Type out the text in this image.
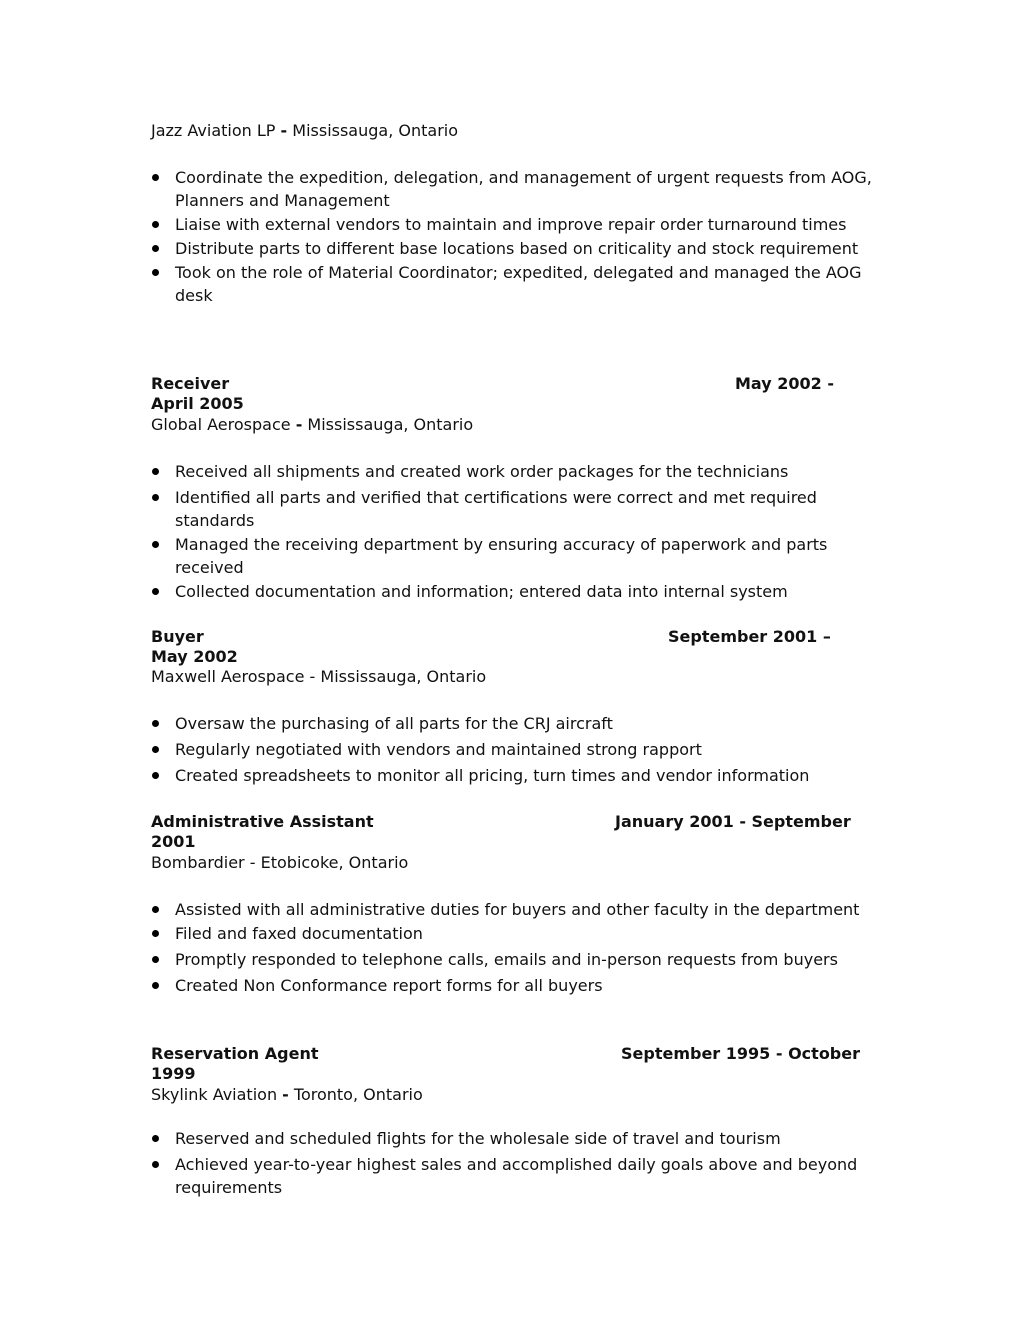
Jazz Aviation LP - Mississauga, Ontario
Coordinate the expedition, delegation, and management of urgent requests from AOG, Planners and Management
Liaise with external vendors to maintain and improve repair order turnaround times
Distribute parts to different base locations based on criticality and stock requirement
Took on the role of Material Coordinator; expedited, delegated and managed the AOG desk
Receiver	May 2002 -
April 2005
Global Aerospace - Mississauga, Ontario
Received all shipments and created work order packages for the technicians
Identified all parts and verified that certifications were correct and met required standards
Managed the receiving department by ensuring accuracy of paperwork and parts received
Collected documentation and information; entered data into internal system
Buyer	September 2001 –
May 2002
Maxwell Aerospace - Mississauga, Ontario
Oversaw the purchasing of all parts for the CRJ aircraft
Regularly negotiated with vendors and maintained strong rapport
Created spreadsheets to monitor all pricing, turn times and vendor information
Administrative Assistant	January 2001 - September
2001
Bombardier - Etobicoke, Ontario
Assisted with all administrative duties for buyers and other faculty in the department
Filed and faxed documentation
Promptly responded to telephone calls, emails and in-person requests from buyers
Created Non Conformance report forms for all buyers
Reservation Agent	September 1995 - October
1999
Skylink Aviation - Toronto, Ontario
Reserved and scheduled flights for the wholesale side of travel and tourism
Achieved year-to-year highest sales and accomplished daily goals above and beyond requirements
